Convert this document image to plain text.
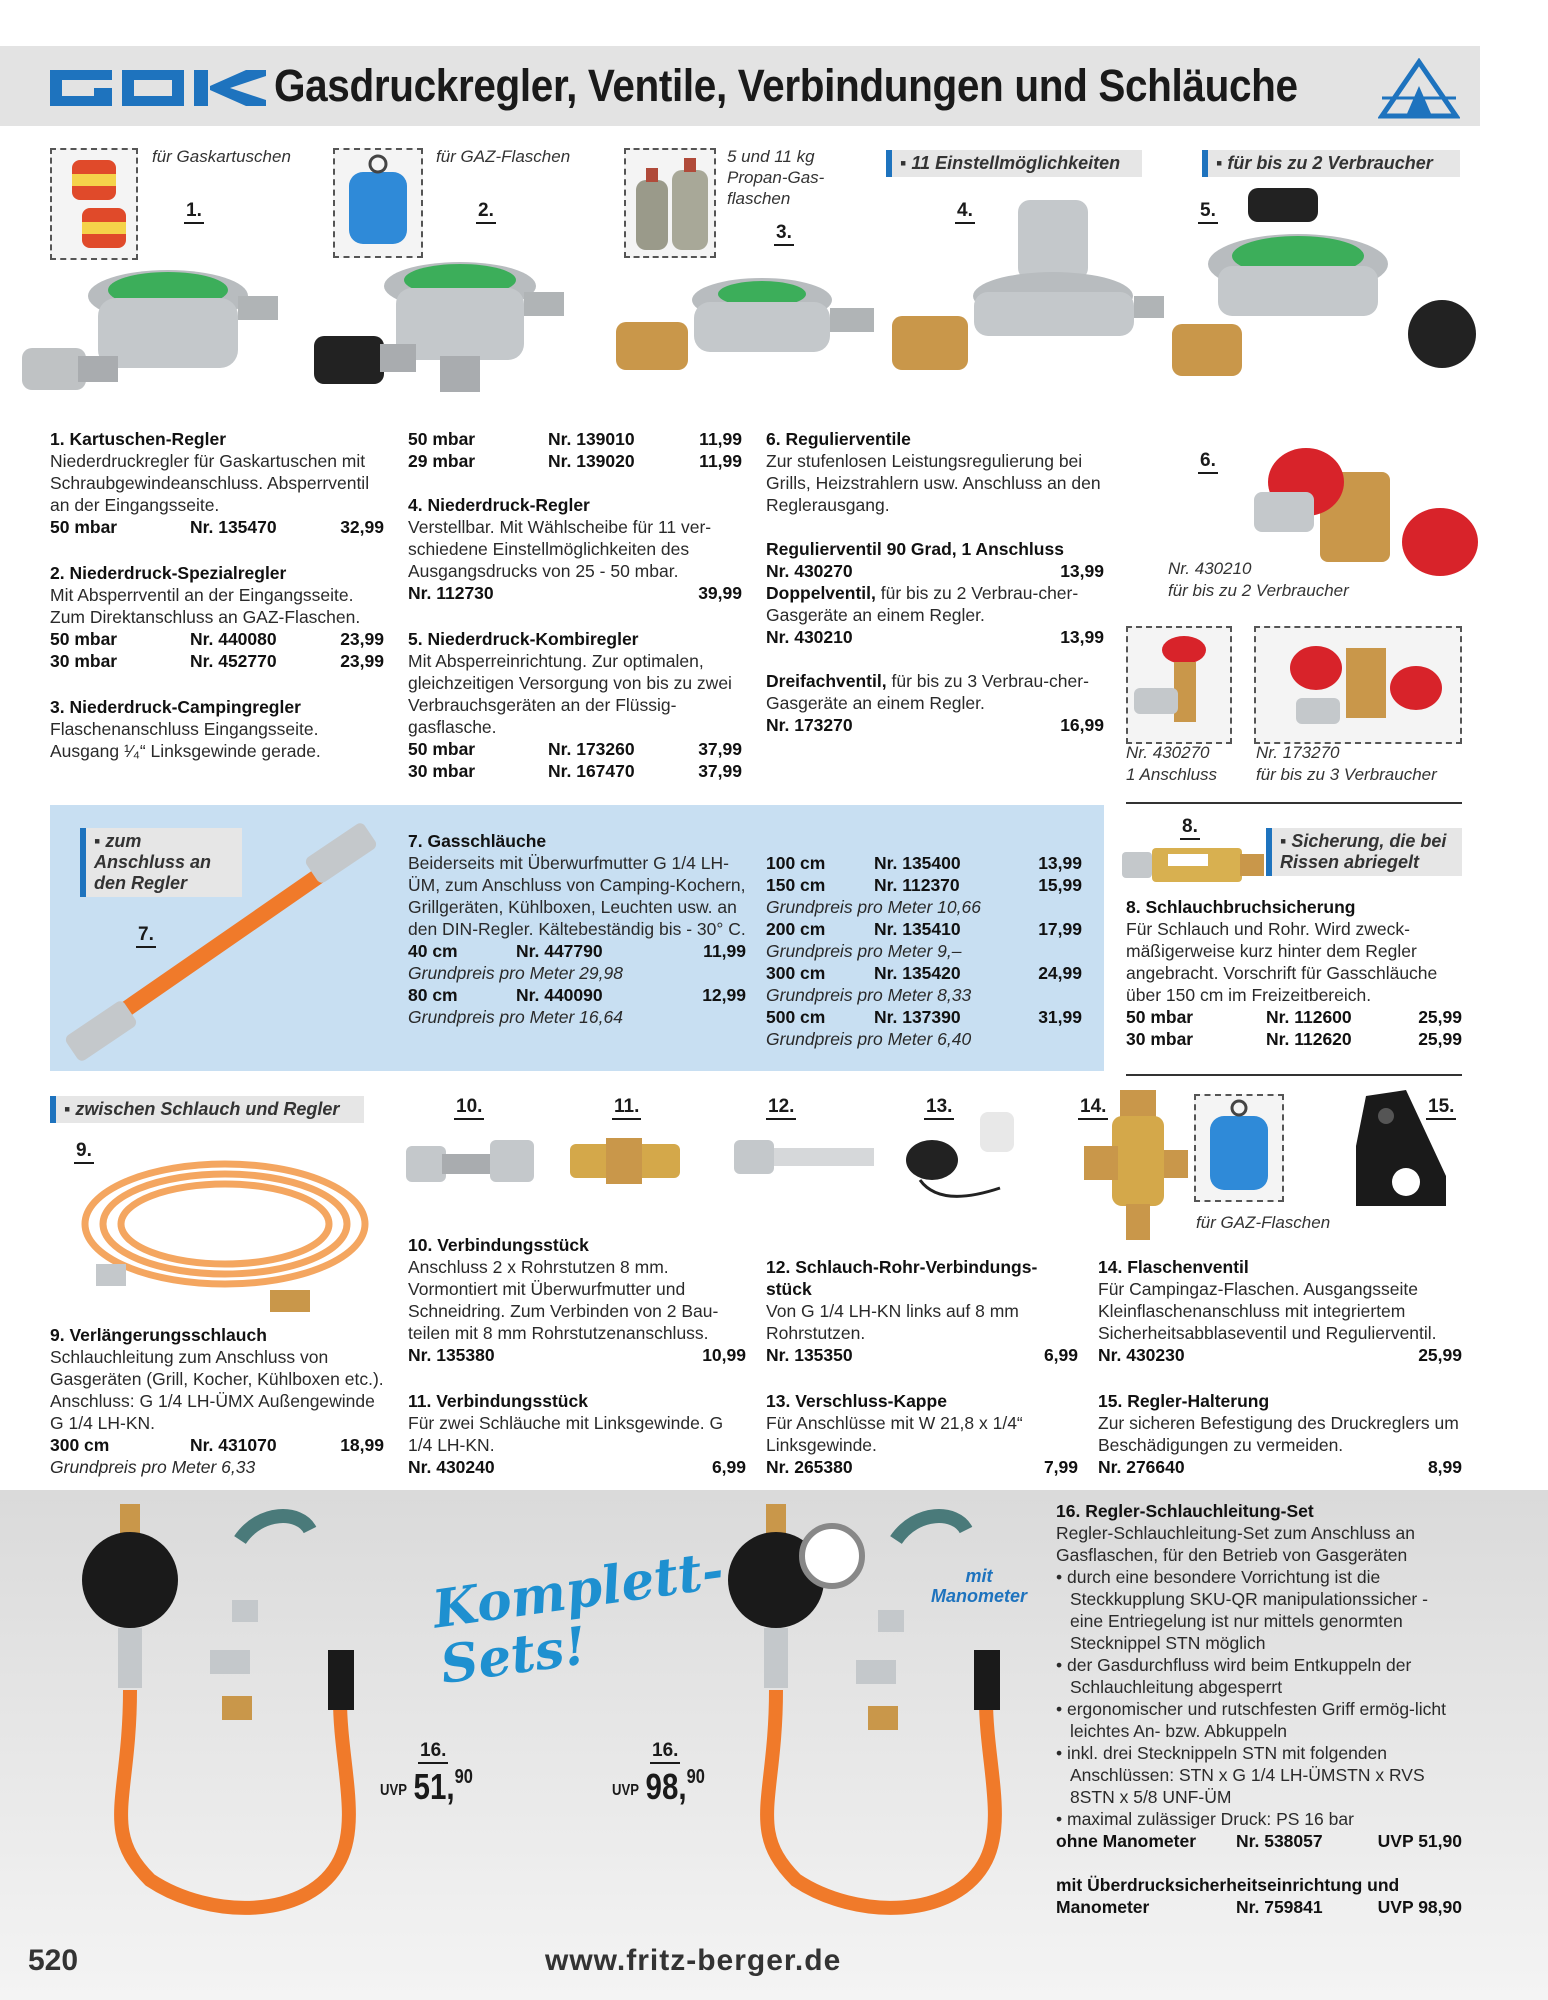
Gasdruckregler, Ventile, Verbindungen und Schläuche
für Gaskartuschen	für GAZ-Flaschen	5 und 11 kg Propan-Gas-flaschen
▪ 11 Einstellmöglichkeiten	▪ für bis zu 2 Verbraucher
1.	2.
3.
4.	5.
1. Kartuschen-Regler
Niederdruckregler für Gaskartuschen mit Schraubgewindeanschluss. Absperrventil an der Eingangsseite.
50 mbar	Nr. 135470	32,99
2. Niederdruck-Spezialregler
Mit Absperrventil an der Eingangsseite. Zum Direktanschluss an GAZ-Flaschen.
50 mbar	Nr. 440080	23,99
30 mbar	Nr. 452770	23,99
3. Niederdruck-Campingregler
Flaschenanschluss Eingangsseite. Ausgang ¹⁄₄“ Linksgewinde gerade.
50 mbar	Nr. 139010	11,99
29 mbar	Nr. 139020	11,99
4. Niederdruck-Regler
Verstellbar. Mit Wählscheibe für 11 ver-schiedene Einstellmöglichkeiten des Ausgangsdrucks von 25 - 50 mbar.
Nr. 112730	39,99
5. Niederdruck-Kombiregler
Mit Absperreinrichtung. Zur optimalen, gleichzeitigen Versorgung von bis zu zwei Verbrauchsgeräten an der Flüssig-gasflasche.
50 mbar	Nr. 173260	37,99
30 mbar	Nr. 167470	37,99
6. Regulierventile
Zur stufenlosen Leistungsregulierung bei Grills, Heizstrahlern usw. Anschluss an den Reglerausgang.
Regulierventil 90 Grad, 1 Anschluss
Nr. 430270	13,99
Doppelventil, für bis zu 2 Verbrau-cher-Gasgeräte an einem Regler.
Nr. 430210	13,99
Dreifachventil, für bis zu 3 Verbrau-cher-Gasgeräte an einem Regler.
Nr. 173270	16,99
6.
Nr. 430210
für bis zu 2 Verbraucher
Nr. 430270
1 Anschluss
Nr. 173270
für bis zu 3 Verbraucher
▪ zum Anschluss an den Regler
7.
7. Gasschläuche
Beiderseits mit Überwurfmutter G 1/4 LH-ÜM, zum Anschluss von Camping-Kochern, Grillgeräten, Kühlboxen, Leuchten usw. an den DIN-Regler. Kältebeständig bis - 30° C.
40 cm	Nr. 447790	11,99
Grundpreis pro Meter 29,98
80 cm	Nr. 440090	12,99
Grundpreis pro Meter 16,64
100 cm	Nr. 135400	13,99
150 cm	Nr. 112370	15,99
Grundpreis pro Meter 10,66
200 cm	Nr. 135410	17,99
Grundpreis pro Meter 9,–
300 cm	Nr. 135420	24,99
Grundpreis pro Meter 8,33
500 cm	Nr. 137390	31,99
Grundpreis pro Meter 6,40
8.
▪ Sicherung, die bei Rissen abriegelt
8. Schlauchbruchsicherung
Für Schlauch und Rohr. Wird zweck-mäßigerweise kurz hinter dem Regler angebracht. Vorschrift für Gasschläuche über 150 cm im Freizeitbereich.
50 mbar	Nr. 112600	25,99
30 mbar	Nr. 112620	25,99
▪ zwischen Schlauch und Regler
9.
10.	11.	12.	13.	14.	15.
für GAZ-Flaschen
9. Verlängerungsschlauch
Schlauchleitung zum Anschluss von Gasgeräten (Grill, Kocher, Kühlboxen etc.). Anschluss: G 1/4 LH-ÜMX Außengewinde G 1/4 LH-KN.
300 cm	Nr. 431070	18,99
Grundpreis pro Meter 6,33
10. Verbindungsstück
Anschluss 2 x Rohrstutzen 8 mm. Vormontiert mit Überwurfmutter und Schneidring. Zum Verbinden von 2 Bau-teilen mit 8 mm Rohrstutzenanschluss.
Nr. 135380	10,99
11. Verbindungsstück
Für zwei Schläuche mit Linksgewinde. G 1/4 LH-KN.
Nr. 430240	6,99
12. Schlauch-Rohr-Verbindungs-stück
Von G 1/4 LH-KN links auf 8 mm Rohrstutzen.
Nr. 135350	6,99
13. Verschluss-Kappe
Für Anschlüsse mit W 21,8 x 1/4“ Linksgewinde.
Nr. 265380	7,99
14. Flaschenventil
Für Campingaz-Flaschen. Ausgangsseite Kleinflaschenanschluss mit integriertem Sicherheitsabblaseventil und Regulierventil.
Nr. 430230	25,99
15. Regler-Halterung
Zur sicheren Befestigung des Druckreglers um Beschädigungen zu vermeiden.
Nr. 276640	8,99
Komplett-Sets!
16.
UVP 51,90
16.
UVP 98,90
mit Manometer
16. Regler-Schlauchleitung-Set
Regler-Schlauchleitung-Set zum Anschluss an Gasflaschen, für den Betrieb von Gasgeräten
• durch eine besondere Vorrichtung ist die Steckkupplung SKU-QR manipulationssicher - eine Entriegelung ist nur mittels genormten Stecknippel STN möglich
• der Gasdurchfluss wird beim Entkuppeln der Schlauchleitung abgesperrt
• ergonomischer und rutschfesten Griff ermög-licht leichtes An- bzw. Abkuppeln
• inkl. drei Stecknippeln STN mit folgenden Anschlüssen: STN x G 1/4 LH-ÜMSTN x RVS 8STN x 5/8 UNF-ÜM
• maximal zulässiger Druck: PS 16 bar
ohne Manometer	Nr. 538057	UVP 51,90
mit Überdrucksicherheitseinrichtung und
Manometer	Nr. 759841	UVP 98,90
520	www.fritz-berger.de
